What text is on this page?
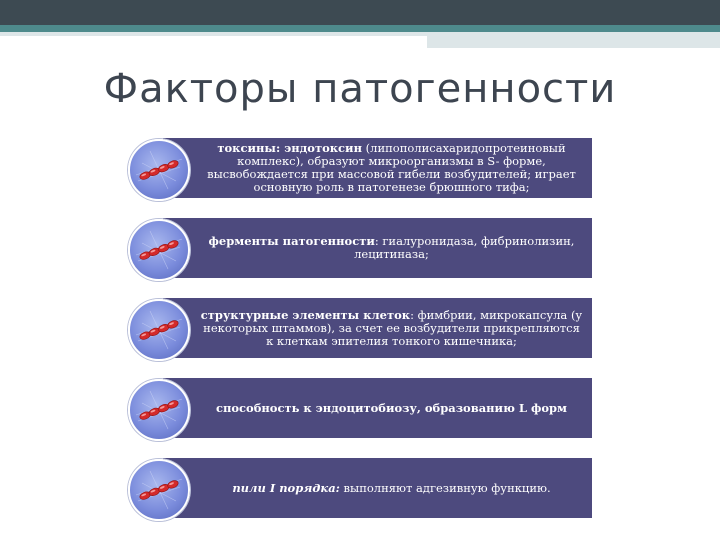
Факторы патогенности
токсины: эндотоксин (липополисахаридопротеиновый комплекс), образуют микроорганизмы в S- форме, высвобождается при массовой гибели возбудителей; играет основную роль в патогенезе брюшного тифа;
ферменты патогенности: гиалуронидаза, фибринолизин, лецитиназа;
структурные элементы клеток: фимбрии, микрокапсула (у некоторых штаммов), за счет ее возбудители прикрепляются к клеткам эпителия тонкого кишечника;
способность к эндоцитобиозу, образованию L форм
пили I порядка: выполняют адгезивную функцию.
